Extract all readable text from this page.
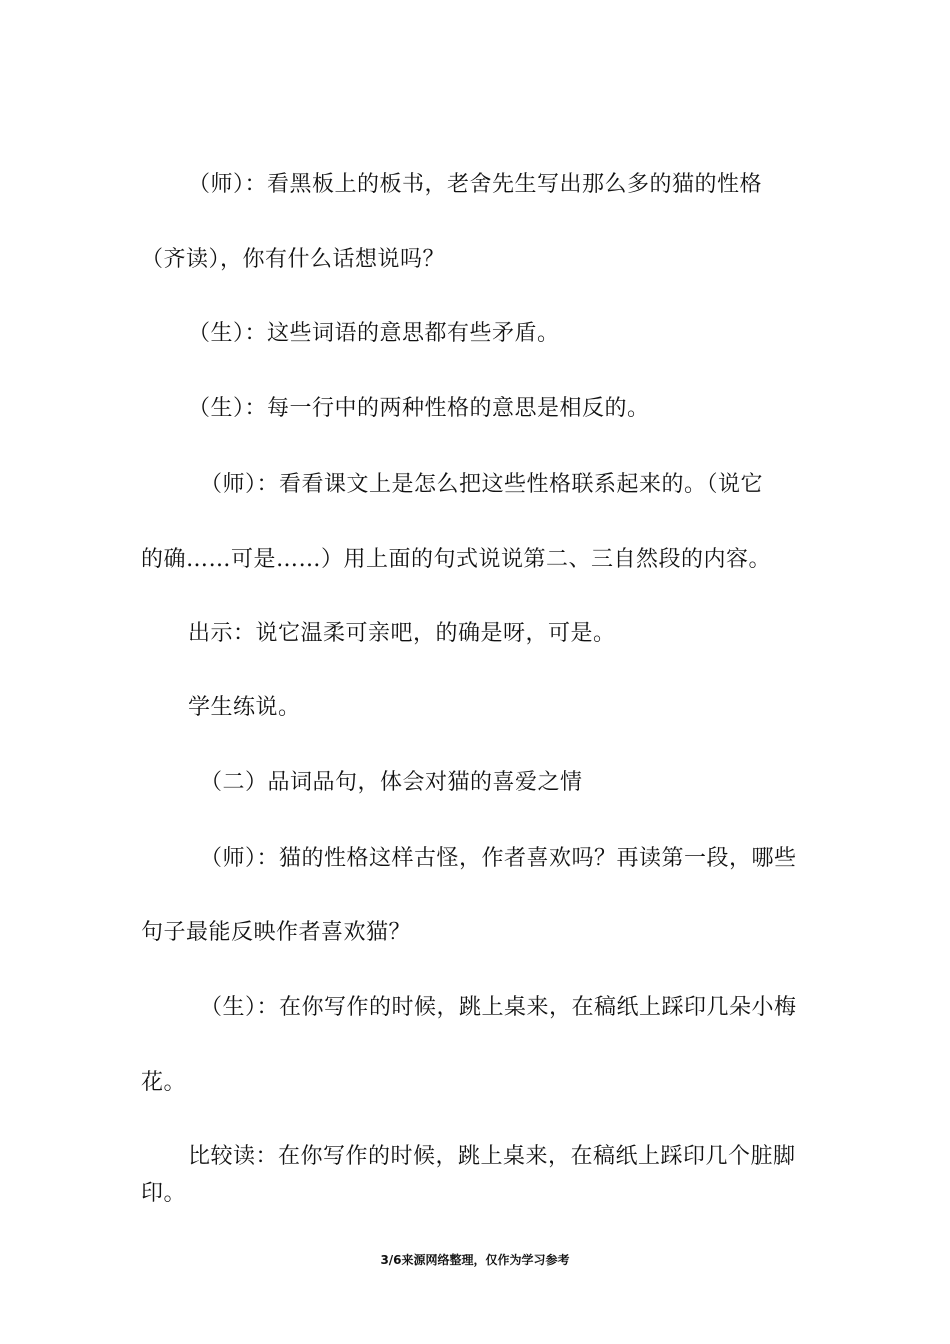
（师）：看黑板上的板书，老舍先生写出那么多的猫的性格

（齐读），你有什么话想说吗？

（生）：这些词语的意思都有些矛盾。

（生）：每一行中的两种性格的意思是相反的。

（师）：看看课文上是怎么把这些性格联系起来的。（说它

的确……可是……）用上面的句式说说第二、三自然段的内容。

出示：说它温柔可亲吧，的确是呀，可是。

学生练说。

（二）品词品句，体会对猫的喜爱之情

（师）：猫的性格这样古怪，作者喜欢吗？再读第一段，哪些

句子最能反映作者喜欢猫？

（生）：在你写作的时候，跳上桌来，在稿纸上踩印几朵小梅

花。

比较读：在你写作的时候，跳上桌来，在稿纸上踩印几个脏脚

印。

3/6来源网络整理，仅作为学习参考
